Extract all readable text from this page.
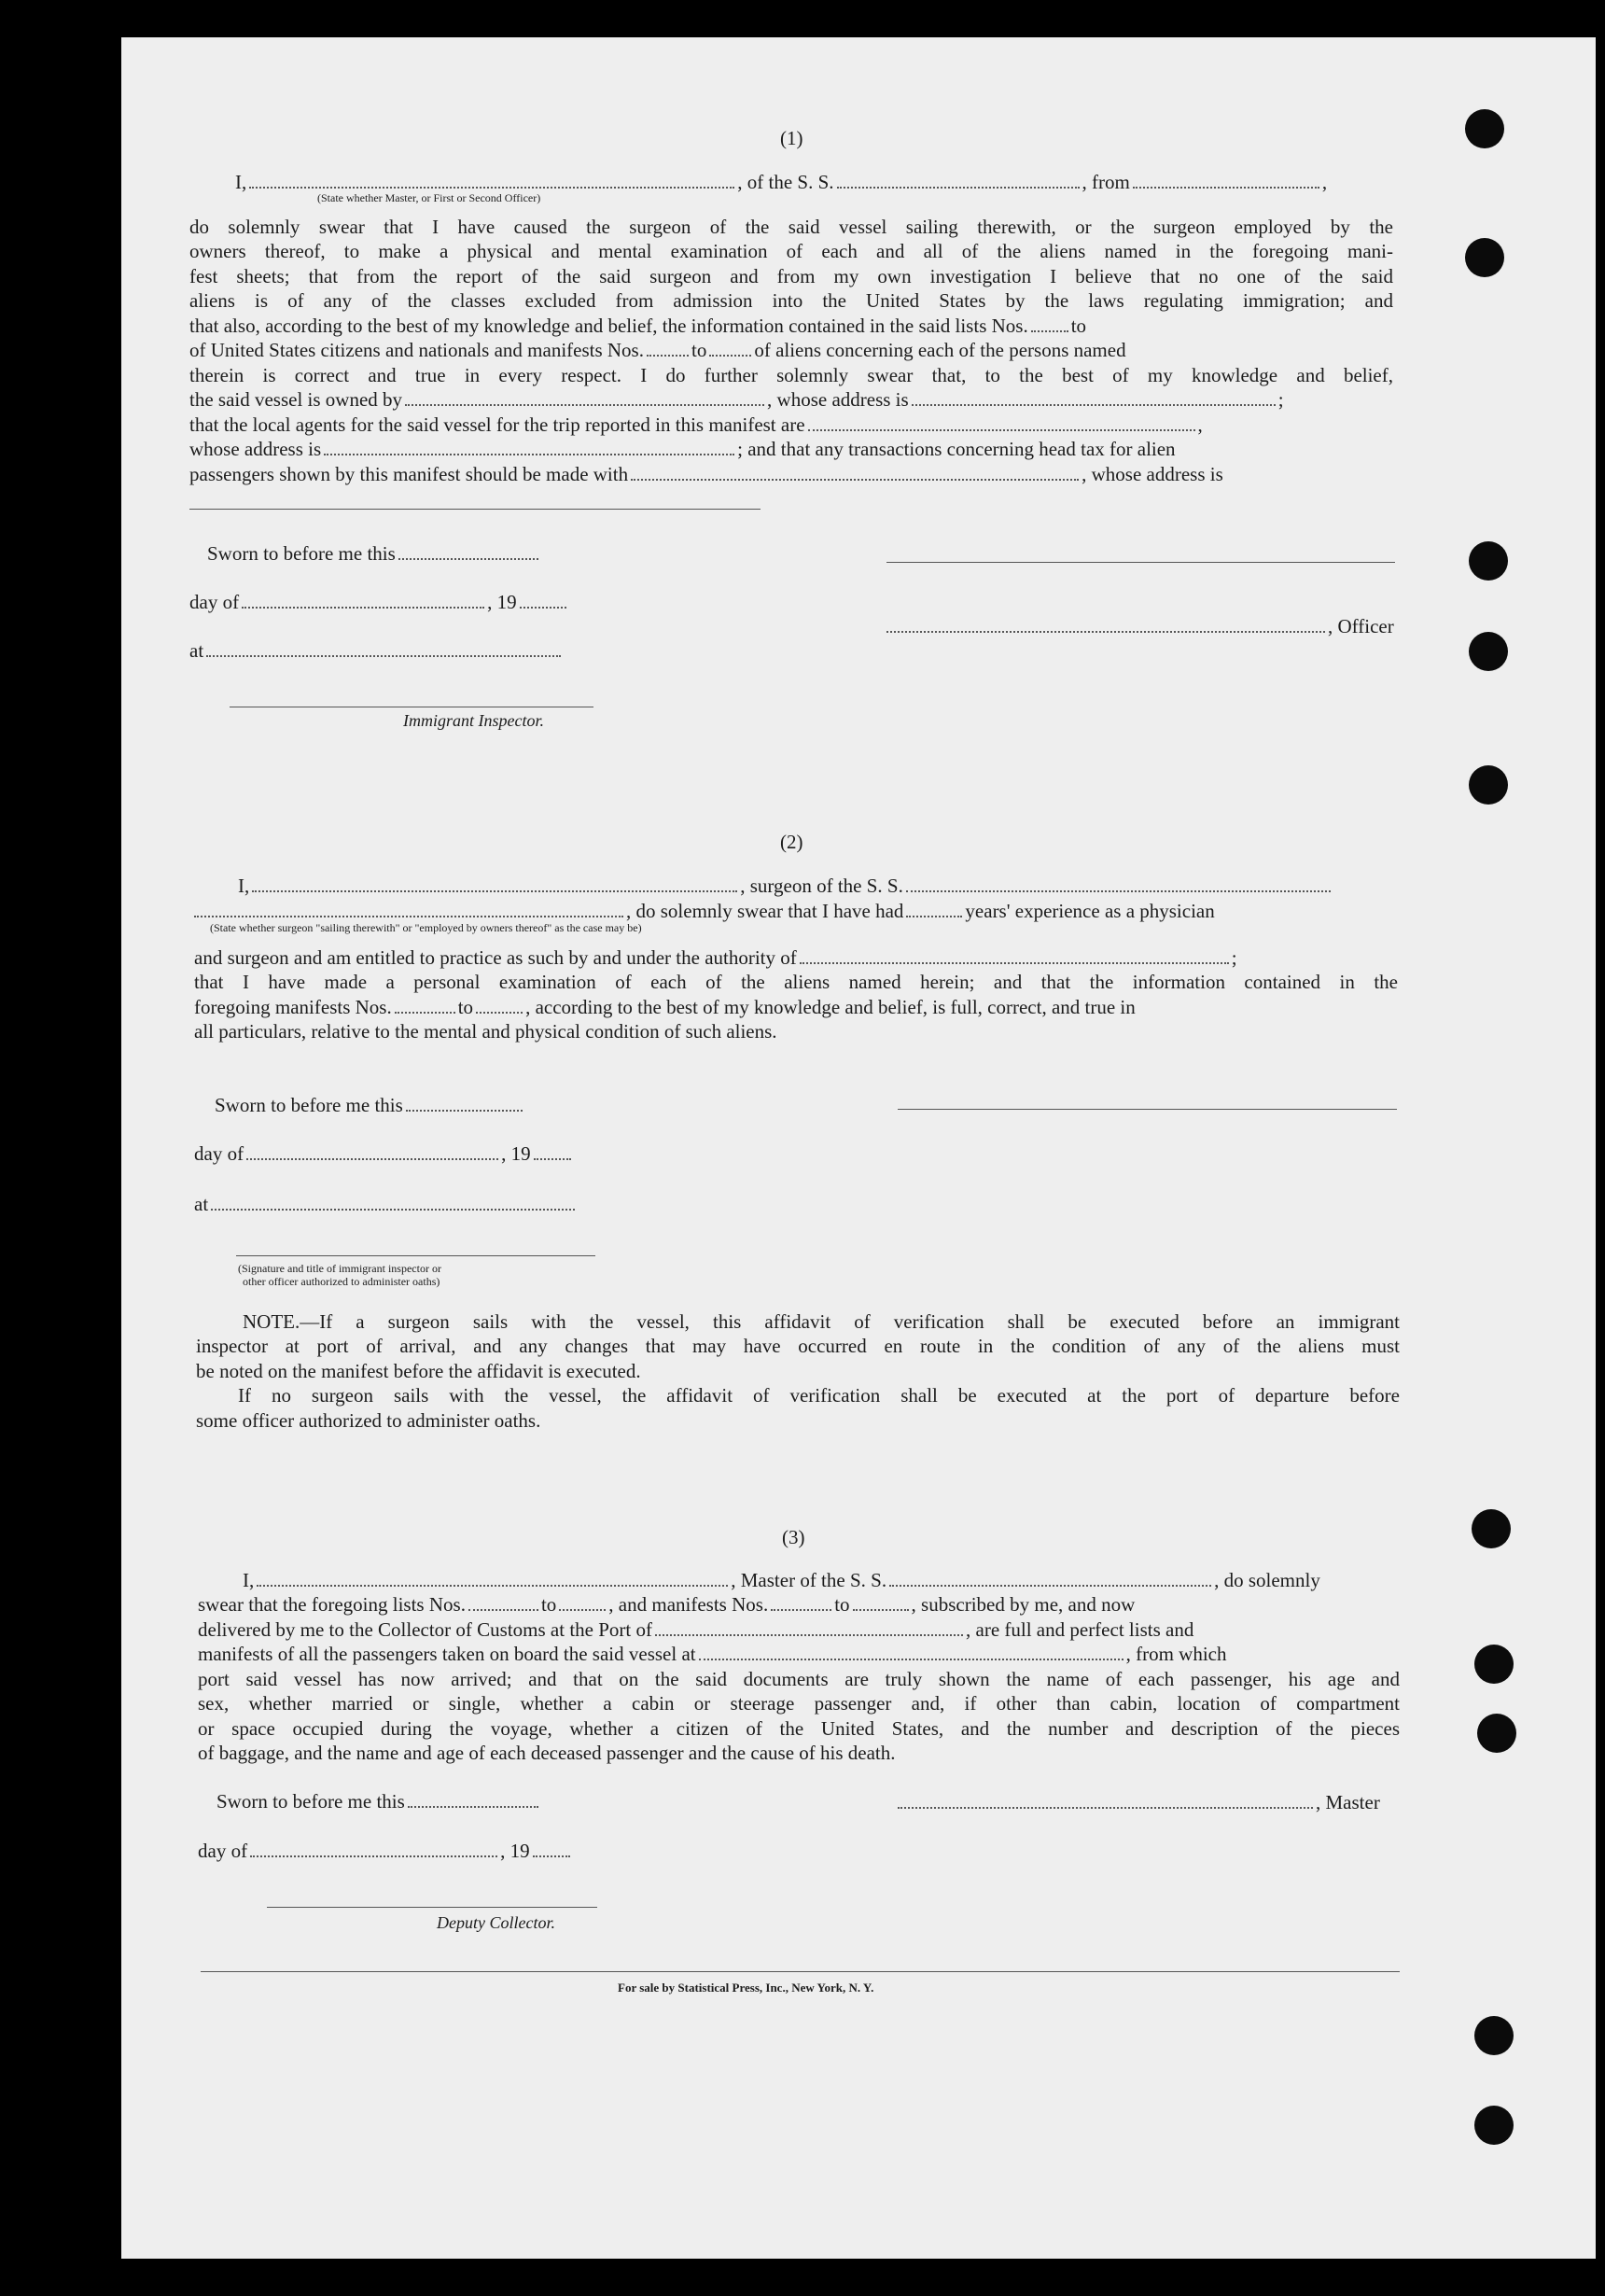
(1)
I,	, of the S. S.	, from	,
(State whether Master, or First or Second Officer)
do solemnly swear that I have caused the surgeon of the said vessel sailing therewith, or the surgeon employed by the
owners thereof, to make a physical and mental examination of each and all of the aliens named in the foregoing mani-
fest sheets; that from the report of the said surgeon and from my own investigation I believe that no one of the said
aliens is of any of the classes excluded from admission into the United States by the laws regulating immigration; and
that also, according to the best of my knowledge and belief, the information contained in the said lists Nos. to
of United States citizens and nationals and manifests Nos. to of aliens concerning each of the persons named
therein is correct and true in every respect. I do further solemnly swear that, to the best of my knowledge and belief,
the said vessel is owned by	, whose address is	;
that the local agents for the said vessel for the trip reported in this manifest are	,
whose address is	; and that any transactions concerning head tax for alien
passengers shown by this manifest should be made with	, whose address is
Sworn to before me this
day of	, 19
at
Immigrant Inspector.
, Officer
(2)
I,	, surgeon of the S. S.
, do solemnly swear that I have had	years' experience as a physician
(State whether surgeon "sailing therewith" or "employed by owners thereof" as the case may be)
and surgeon and am entitled to practice as such by and under the authority of	;
that I have made a personal examination of each of the aliens named herein; and that the information contained in the
foregoing manifests Nos.	to	, according to the best of my knowledge and belief, is full, correct, and true in
all particulars, relative to the mental and physical condition of such aliens.
Sworn to before me this
day of	, 19
at
(Signature and title of immigrant inspector or
other officer authorized to administer oaths)
NOTE.—If a surgeon sails with the vessel, this affidavit of verification shall be executed before an immigrant
inspector at port of arrival, and any changes that may have occurred en route in the condition of any of the aliens must
be noted on the manifest before the affidavit is executed.
If no surgeon sails with the vessel, the affidavit of verification shall be executed at the port of departure before
some officer authorized to administer oaths.
(3)
I,	, Master of the S. S.	, do solemnly
swear that the foregoing lists Nos.	to	, and manifests Nos.	to	, subscribed by me, and now
delivered by me to the Collector of Customs at the Port of	, are full and perfect lists and
manifests of all the passengers taken on board the said vessel at	, from which
port said vessel has now arrived; and that on the said documents are truly shown the name of each passenger, his age and
sex, whether married or single, whether a cabin or steerage passenger and, if other than cabin, location of compartment
or space occupied during the voyage, whether a citizen of the United States, and the number and description of the pieces
of baggage, and the name and age of each deceased passenger and the cause of his death.
Sworn to before me this	, Master
day of	, 19
Deputy Collector.
For sale by Statistical Press, Inc., New York, N. Y.
